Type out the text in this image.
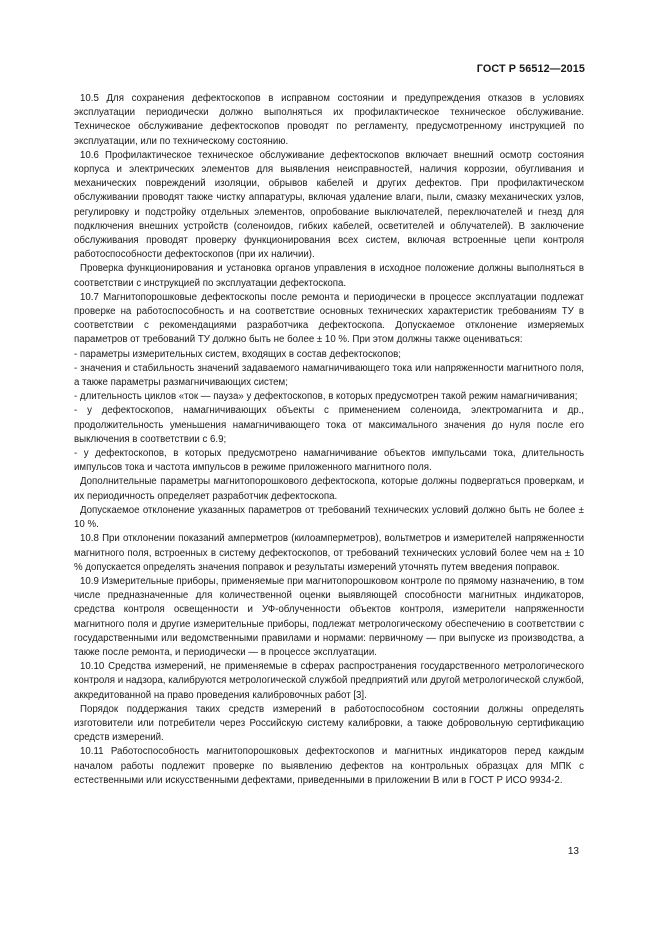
ГОСТ Р 56512—2015

10.5 Для сохранения дефектоскопов в исправном состоянии и предупреждения отказов в условиях эксплуатации периодически должно выполняться их профилактическое техническое обслуживание. Техническое обслуживание дефектоскопов проводят по регламенту, предусмотренному инструкцией по эксплуатации, или по техническому состоянию.

10.6 Профилактическое техническое обслуживание дефектоскопов включает внешний осмотр состояния корпуса и электрических элементов для выявления неисправностей, наличия коррозии, обугливания и механических повреждений изоляции, обрывов кабелей и других дефектов. При профилактическом обслуживании проводят также чистку аппаратуры, включая удаление влаги, пыли, смазку механических узлов, регулировку и подстройку отдельных элементов, опробование выключателей, переключателей и гнезд для подключения внешних устройств (соленоидов, гибких кабелей, осветителей и облучателей). В заключение обслуживания проводят проверку функционирования всех систем, включая встроенные цепи контроля работоспособности дефектоскопов (при их наличии).

Проверка функционирования и установка органов управления в исходное положение должны выполняться в соответствии с инструкцией по эксплуатации дефектоскопа.

10.7 Магнитопорошковые дефектоскопы после ремонта и периодически в процессе эксплуатации подлежат проверке на работоспособность и на соответствие основных технических характеристик требованиям ТУ в соответствии с рекомендациями разработчика дефектоскопа. Допускаемое отклонение измеряемых параметров от требований ТУ должно быть не более ± 10 %. При этом должны также оцениваться:

- параметры измерительных систем, входящих в состав дефектоскопов;

- значения и стабильность значений задаваемого намагничивающего тока или напряженности магнитного поля, а также параметры размагничивающих систем;

- длительность циклов «ток — пауза» у дефектоскопов, в которых предусмотрен такой режим намагничивания;

- у дефектоскопов, намагничивающих объекты с применением соленоида, электромагнита и др., продолжительность уменьшения намагничивающего тока от максимального значения до нуля после его выключения в соответствии с 6.9;

- у дефектоскопов, в которых предусмотрено намагничивание объектов импульсами тока, длительность импульсов тока и частота импульсов в режиме приложенного магнитного поля.

Дополнительные параметры магнитопорошкового дефектоскопа, которые должны подвергаться проверкам, и их периодичность определяет разработчик дефектоскопа.

Допускаемое отклонение указанных параметров от требований технических условий должно быть не более ± 10 %.

10.8 При отклонении показаний амперметров (килоамперметров), вольтметров и измерителей напряженности магнитного поля, встроенных в систему дефектоскопов, от требований технических условий более чем на ± 10 % допускается определять значения поправок и результаты измерений уточнять путем введения поправок.

10.9 Измерительные приборы, применяемые при магнитопорошковом контроле по прямому назначению, в том числе предназначенные для количественной оценки выявляющей способности магнитных индикаторов, средства контроля освещенности и УФ-облученности объектов контроля, измерители напряженности магнитного поля и другие измерительные приборы, подлежат метрологическому обеспечению в соответствии с государственными или ведомственными правилами и нормами: первичному — при выпуске из производства, а также после ремонта, и периодически — в процессе эксплуатации.

10.10 Средства измерений, не применяемые в сферах распространения государственного метрологического контроля и надзора, калибруются метрологической службой предприятий или другой метрологической службой, аккредитованной на право проведения калибровочных работ [3].

Порядок поддержания таких средств измерений в работоспособном состоянии должны определять изготовители или потребители через Российскую систему калибровки, а также добровольную сертификацию средств измерений.

10.11 Работоспособность магнитопорошковых дефектоскопов и магнитных индикаторов перед каждым началом работы подлежит проверке по выявлению дефектов на контрольных образцах для МПК с естественными или искусственными дефектами, приведенными в приложении В или в ГОСТ Р ИСО 9934-2.

13
